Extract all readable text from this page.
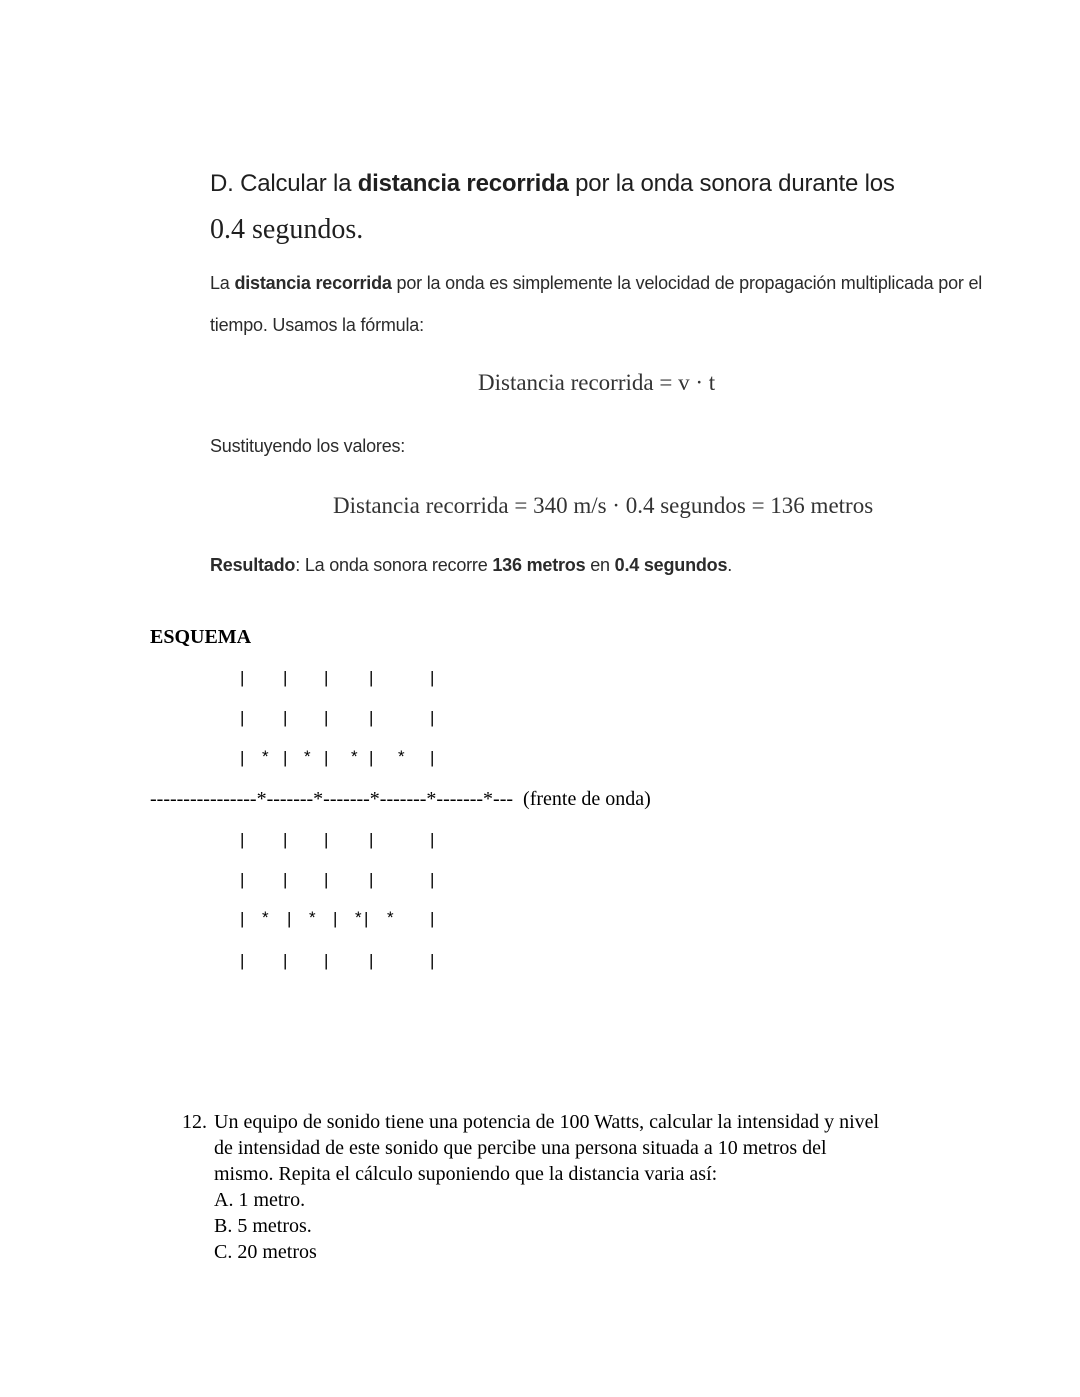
D. Calcular la distancia recorrida por la onda sonora durante los
0.4 segundos.
La distancia recorrida por la onda es simplemente la velocidad de propagación multiplicada por el
tiempo. Usamos la fórmula:
Distancia recorrida = v · t
Sustituyendo los valores:
Distancia recorrida = 340 m/s · 0.4 segundos = 136 metros
Resultado: La onda sonora recorre 136 metros en 0.4 segundos.
ESQUEMA
| | | |	|
| | | |	|
| | | |	|
* * * *
| | | |	|
| | | |	|
|	| | |	|
* * * *
| | | |	|
----------------*-------*-------*-------*-------*--- (frente de onda)
12. Un equipo de sonido tiene una potencia de 100 Watts, calcular la intensidad y nivel
de intensidad de este sonido que percibe una persona situada a 10 metros del
mismo. Repita el cálculo suponiendo que la distancia varia así:
A. 1 metro.
B. 5 metros.
C. 20 metros
